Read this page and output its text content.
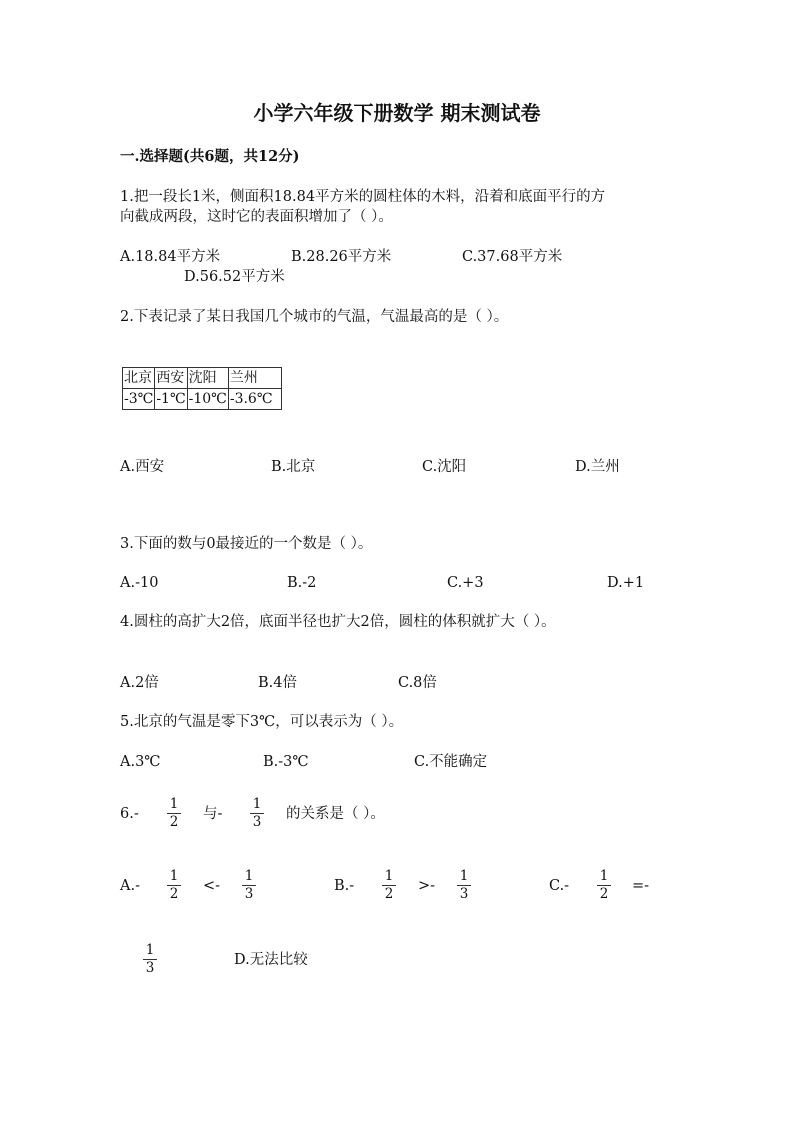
小学六年级下册数学 期末测试卷
一.选择题(共6题，共12分)
1.把一段长1米，侧面积18.84平方米的圆柱体的木料，沿着和底面平行的方
向截成两段，这时它的表面积增加了（ ）。
A.18.84平方米	B.28.26平方米	C.37.68平方米
D.56.52平方米
2.下表记录了某日我国几个城市的气温，气温最高的是（ ）。
北京	西安	沈阳	兰州
-3℃	-1℃	-10℃	-3.6℃
A.西安	B.北京	C.沈阳	D.兰州
3.下面的数与0最接近的一个数是（ ）。
A.-10	B.-2	C.+3	D.+1
4.圆柱的高扩大2倍，底面半径也扩大2倍，圆柱的体积就扩大（ ）。
A.2倍	B.4倍	C.8倍
5.北京的气温是零下3℃，可以表示为（ ）。
A.3℃	B.-3℃	C.不能确定
6.-
1
2 与-
1
3 的关系是（ ）。
A.-
1
2 <-
1
3	B.-
1
2 >-
1
3	C.-
1
2 =-
1
3	D.无法比较
